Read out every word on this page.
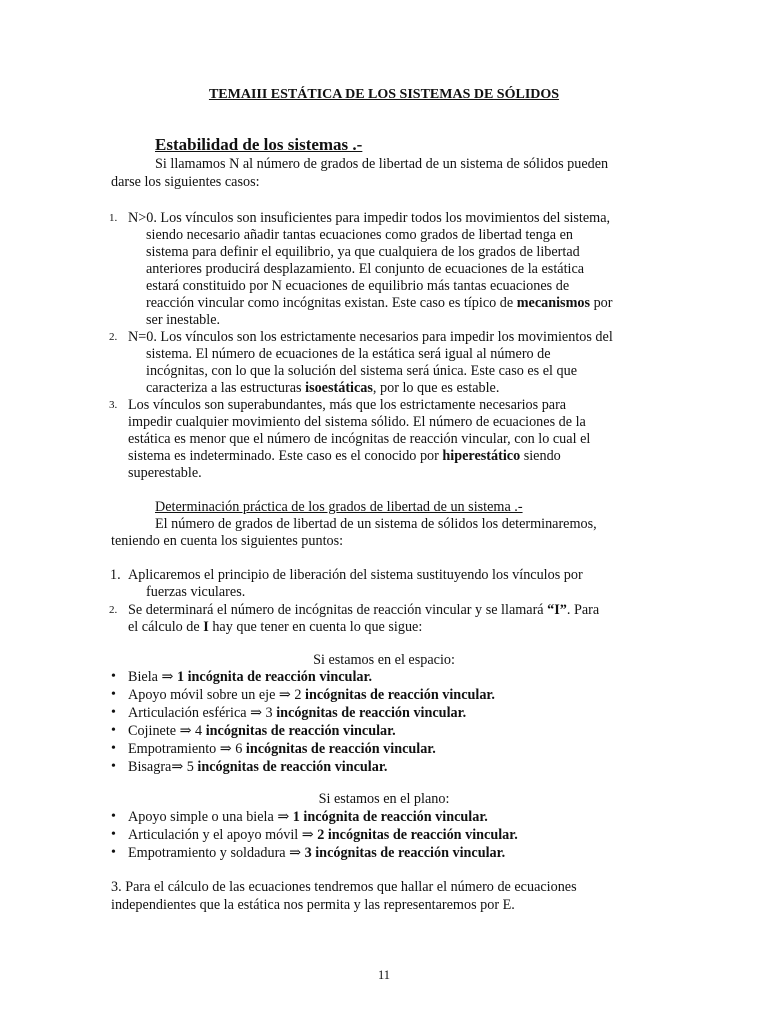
TEMAIII ESTÁTICA DE LOS SISTEMAS DE SÓLIDOS
Estabilidad de los sistemas .-
Si llamamos N al número de grados de libertad de un sistema de sólidos pueden
darse los siguientes casos:
1. N>0. Los vínculos son insuficientes para impedir todos los movimientos del sistema,
siendo necesario añadir tantas ecuaciones como grados de libertad tenga en
sistema para definir el equilibrio, ya que cualquiera de los grados de libertad
anteriores producirá desplazamiento. El conjunto de ecuaciones de la estática
estará constituido por N ecuaciones de equilibrio más tantas ecuaciones de
reacción vincular como incógnitas existan. Este caso es típico de mecanismos por
ser inestable.
2. N=0. Los vínculos son los estrictamente necesarios para impedir los movimientos del
sistema. El número de ecuaciones de la estática será igual al número de
incógnitas, con lo que la solución del sistema será única. Este caso es el que
caracteriza a las estructuras isoestáticas, por lo que es estable.
3. Los vínculos son superabundantes, más que los estrictamente necesarios para
impedir cualquier movimiento del sistema sólido. El número de ecuaciones de la
estática es menor que el número de incógnitas de reacción vincular, con lo cual el
sistema es indeterminado. Este caso es el conocido por hiperestático siendo
superestable.
Determinación práctica de los grados de libertad de un sistema .-
El número de grados de libertad de un sistema de sólidos los determinaremos,
teniendo en cuenta los siguientes puntos:
1. Aplicaremos el principio de liberación del sistema sustituyendo los vínculos por
fuerzas viculares.
2. Se determinará el número de incógnitas de reacción vincular y se llamará “I”. Para
el cálculo de I hay que tener en cuenta lo que sigue:
Si estamos en el espacio:
• Biela ⇒ 1 incógnita de reacción vincular.
• Apoyo móvil sobre un eje ⇒ 2 incógnitas de reacción vincular.
• Articulación esférica ⇒ 3 incógnitas de reacción vincular.
• Cojinete ⇒ 4 incógnitas de reacción vincular.
• Empotramiento ⇒ 6 incógnitas de reacción vincular.
• Bisagra⇒ 5 incógnitas de reacción vincular.
Si estamos en el plano:
• Apoyo simple o una biela ⇒ 1 incógnita de reacción vincular.
• Articulación y el apoyo móvil ⇒ 2 incógnitas de reacción vincular.
• Empotramiento y soldadura ⇒ 3 incógnitas de reacción vincular.
3. Para el cálculo de las ecuaciones tendremos que hallar el número de ecuaciones
independientes que la estática nos permita y las representaremos por E.
11
